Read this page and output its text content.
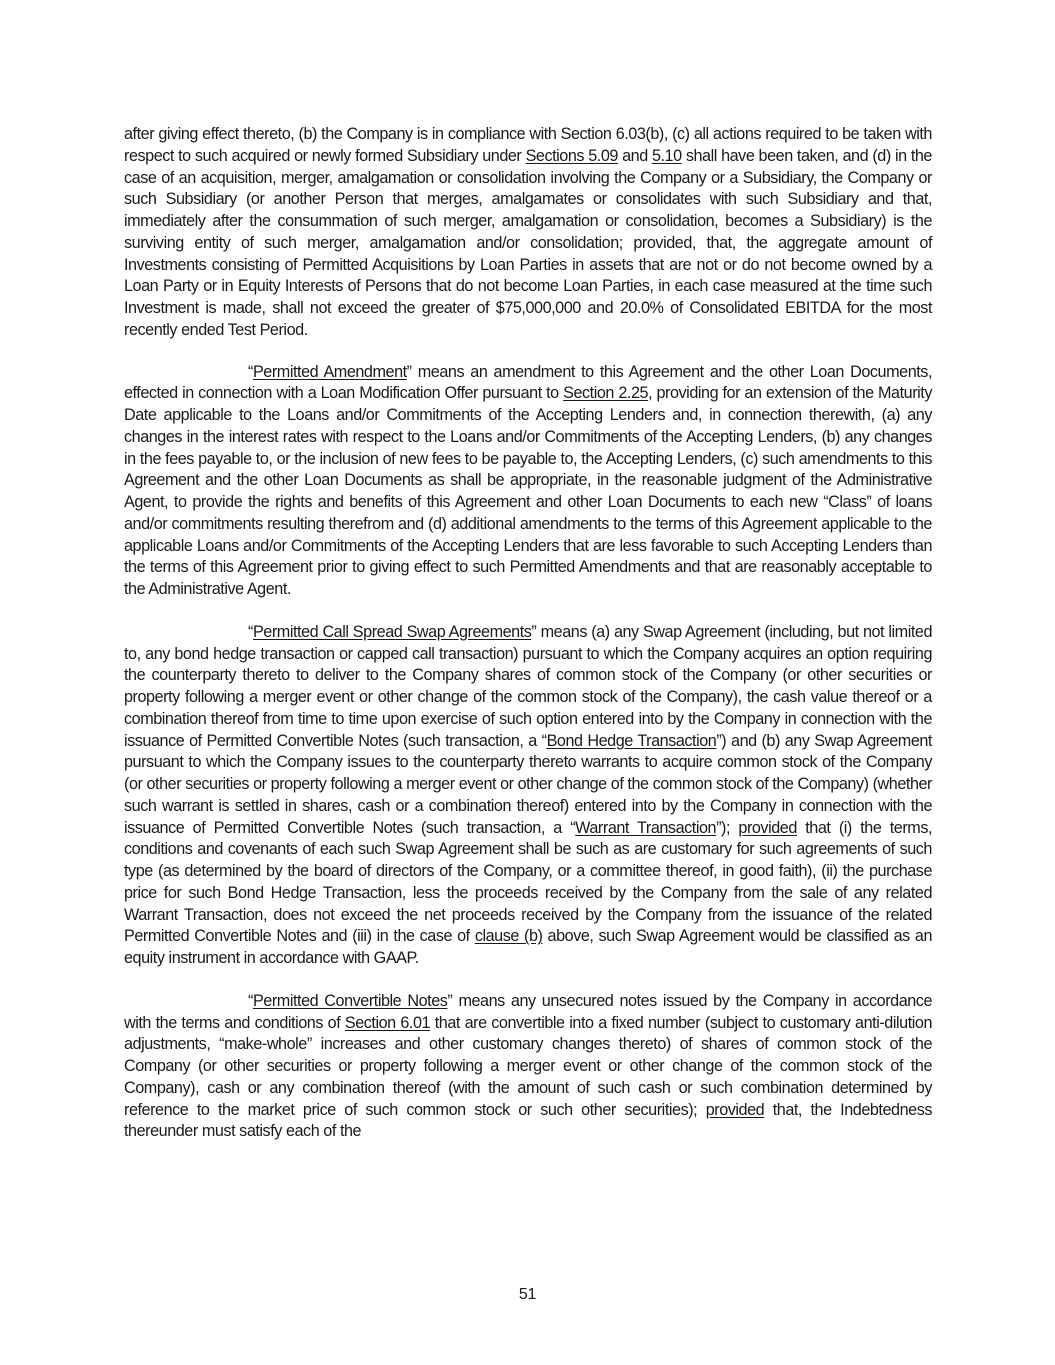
after giving effect thereto, (b) the Company is in compliance with Section 6.03(b), (c) all actions required to be taken with respect to such acquired or newly formed Subsidiary under Sections 5.09 and 5.10 shall have been taken, and (d) in the case of an acquisition, merger, amalgamation or consolidation involving the Company or a Subsidiary, the Company or such Subsidiary (or another Person that merges, amalgamates or consolidates with such Subsidiary and that, immediately after the consummation of such merger, amalgamation or consolidation, becomes a Subsidiary) is the surviving entity of such merger, amalgamation and/or consolidation; provided, that, the aggregate amount of Investments consisting of Permitted Acquisitions by Loan Parties in assets that are not or do not become owned by a Loan Party or in Equity Interests of Persons that do not become Loan Parties, in each case measured at the time such Investment is made, shall not exceed the greater of $75,000,000 and 20.0% of Consolidated EBITDA for the most recently ended Test Period.

“Permitted Amendment” means an amendment to this Agreement and the other Loan Documents, effected in connection with a Loan Modification Offer pursuant to Section 2.25, providing for an extension of the Maturity Date applicable to the Loans and/or Commitments of the Accepting Lenders and, in connection therewith, (a) any changes in the interest rates with respect to the Loans and/or Commitments of the Accepting Lenders, (b) any changes in the fees payable to, or the inclusion of new fees to be payable to, the Accepting Lenders, (c) such amendments to this Agreement and the other Loan Documents as shall be appropriate, in the reasonable judgment of the Administrative Agent, to provide the rights and benefits of this Agreement and other Loan Documents to each new “Class” of loans and/or commitments resulting therefrom and (d) additional amendments to the terms of this Agreement applicable to the applicable Loans and/or Commitments of the Accepting Lenders that are less favorable to such Accepting Lenders than the terms of this Agreement prior to giving effect to such Permitted Amendments and that are reasonably acceptable to the Administrative Agent.

“Permitted Call Spread Swap Agreements” means (a) any Swap Agreement (including, but not limited to, any bond hedge transaction or capped call transaction) pursuant to which the Company acquires an option requiring the counterparty thereto to deliver to the Company shares of common stock of the Company (or other securities or property following a merger event or other change of the common stock of the Company), the cash value thereof or a combination thereof from time to time upon exercise of such option entered into by the Company in connection with the issuance of Permitted Convertible Notes (such transaction, a “Bond Hedge Transaction”) and (b) any Swap Agreement pursuant to which the Company issues to the counterparty thereto warrants to acquire common stock of the Company (or other securities or property following a merger event or other change of the common stock of the Company) (whether such warrant is settled in shares, cash or a combination thereof) entered into by the Company in connection with the issuance of Permitted Convertible Notes (such transaction, a “Warrant Transaction”); provided that (i) the terms, conditions and covenants of each such Swap Agreement shall be such as are customary for such agreements of such type (as determined by the board of directors of the Company, or a committee thereof, in good faith), (ii) the purchase price for such Bond Hedge Transaction, less the proceeds received by the Company from the sale of any related Warrant Transaction, does not exceed the net proceeds received by the Company from the issuance of the related Permitted Convertible Notes and (iii) in the case of clause (b) above, such Swap Agreement would be classified as an equity instrument in accordance with GAAP.

“Permitted Convertible Notes” means any unsecured notes issued by the Company in accordance with the terms and conditions of Section 6.01 that are convertible into a fixed number (subject to customary anti-dilution adjustments, “make-whole” increases and other customary changes thereto) of shares of common stock of the Company (or other securities or property following a merger event or other change of the common stock of the Company), cash or any combination thereof (with the amount of such cash or such combination determined by reference to the market price of such common stock or such other securities); provided that, the Indebtedness thereunder must satisfy each of the

51
